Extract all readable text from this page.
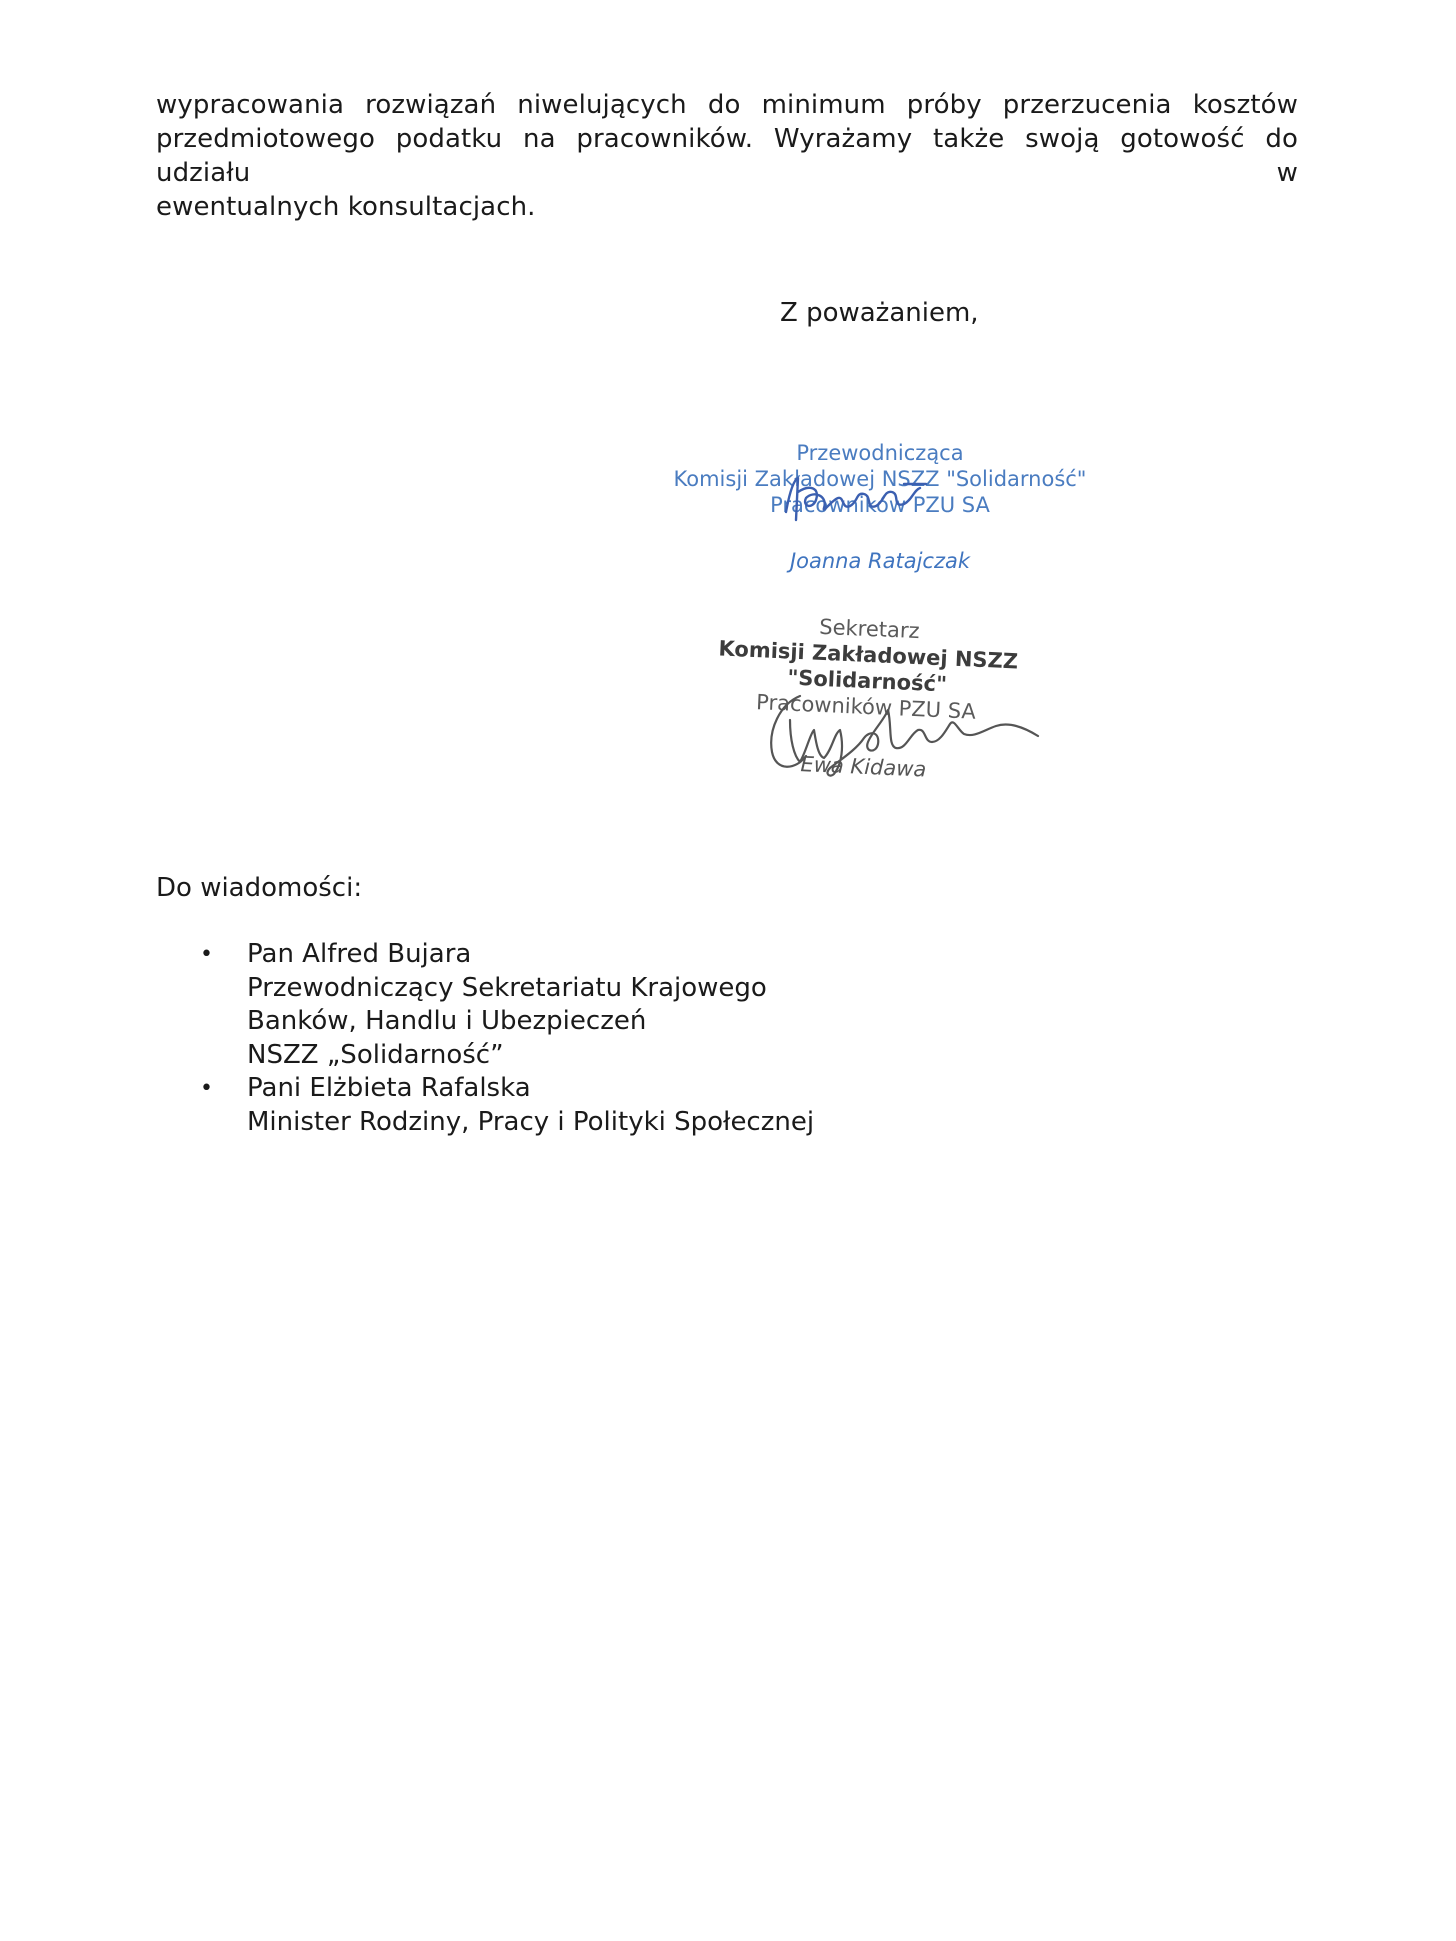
wypracowania rozwiązań niwelujących do minimum próby przerzucenia kosztów
przedmiotowego podatku na pracowników. Wyrażamy także swoją gotowość do udziału w
ewentualnych konsultacjach.
Z poważaniem,
Przewodnicząca
Komisji Zakładowej NSZZ "Solidarność"
Pracowników PZU SA
Joanna Ratajczak
Sekretarz
Komisji Zakładowej NSZZ "Solidarność"
Pracowników PZU SA
Ewa Kidawa
Do wiadomości:
• Pan Alfred Bujara
Przewodniczący Sekretariatu Krajowego
Banków, Handlu i Ubezpieczeń
NSZZ „Solidarność”
• Pani Elżbieta Rafalska
Minister Rodziny, Pracy i Polityki Społecznej
